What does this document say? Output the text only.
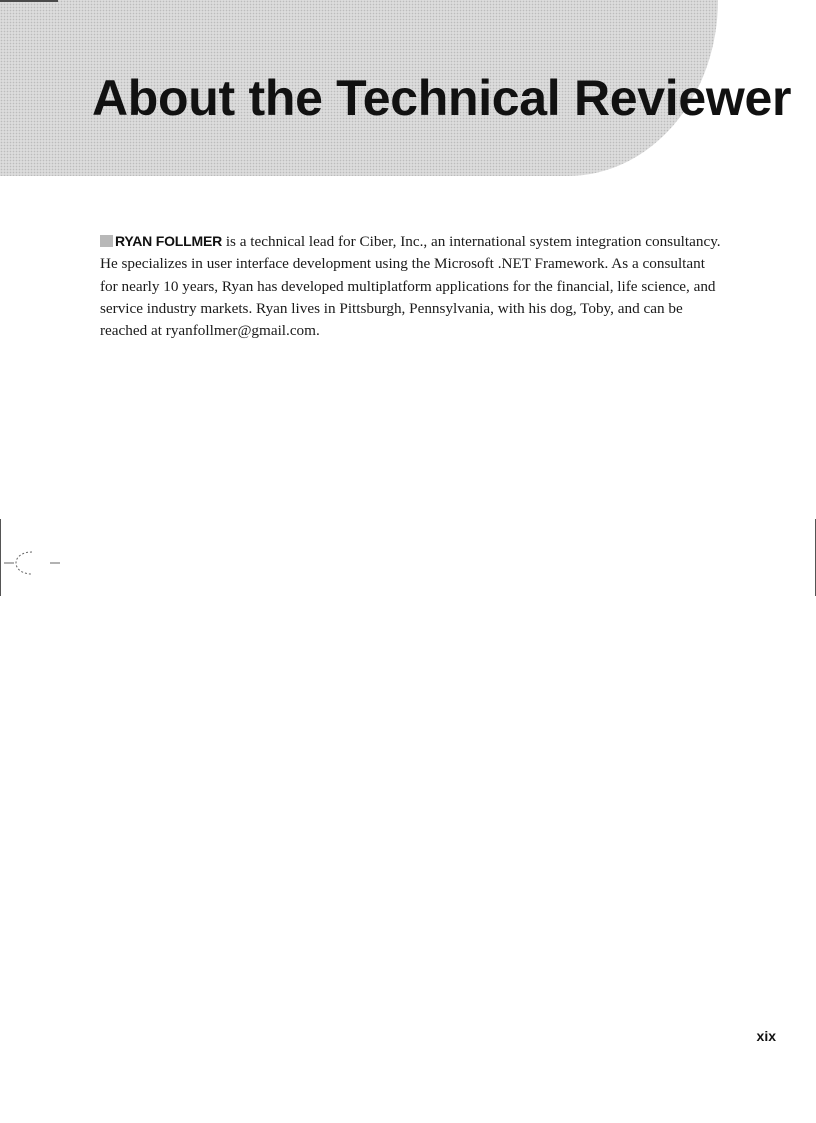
About the Technical Reviewer

RYAN FOLLMER is a technical lead for Ciber, Inc., an international system integration consultancy. He specializes in user interface development using the Microsoft .NET Framework. As a consultant for nearly 10 years, Ryan has developed multiplatform applications for the financial, life science, and service industry markets. Ryan lives in Pittsburgh, Pennsylvania, with his dog, Toby, and can be reached at ryanfollmer@gmail.com.

xix
